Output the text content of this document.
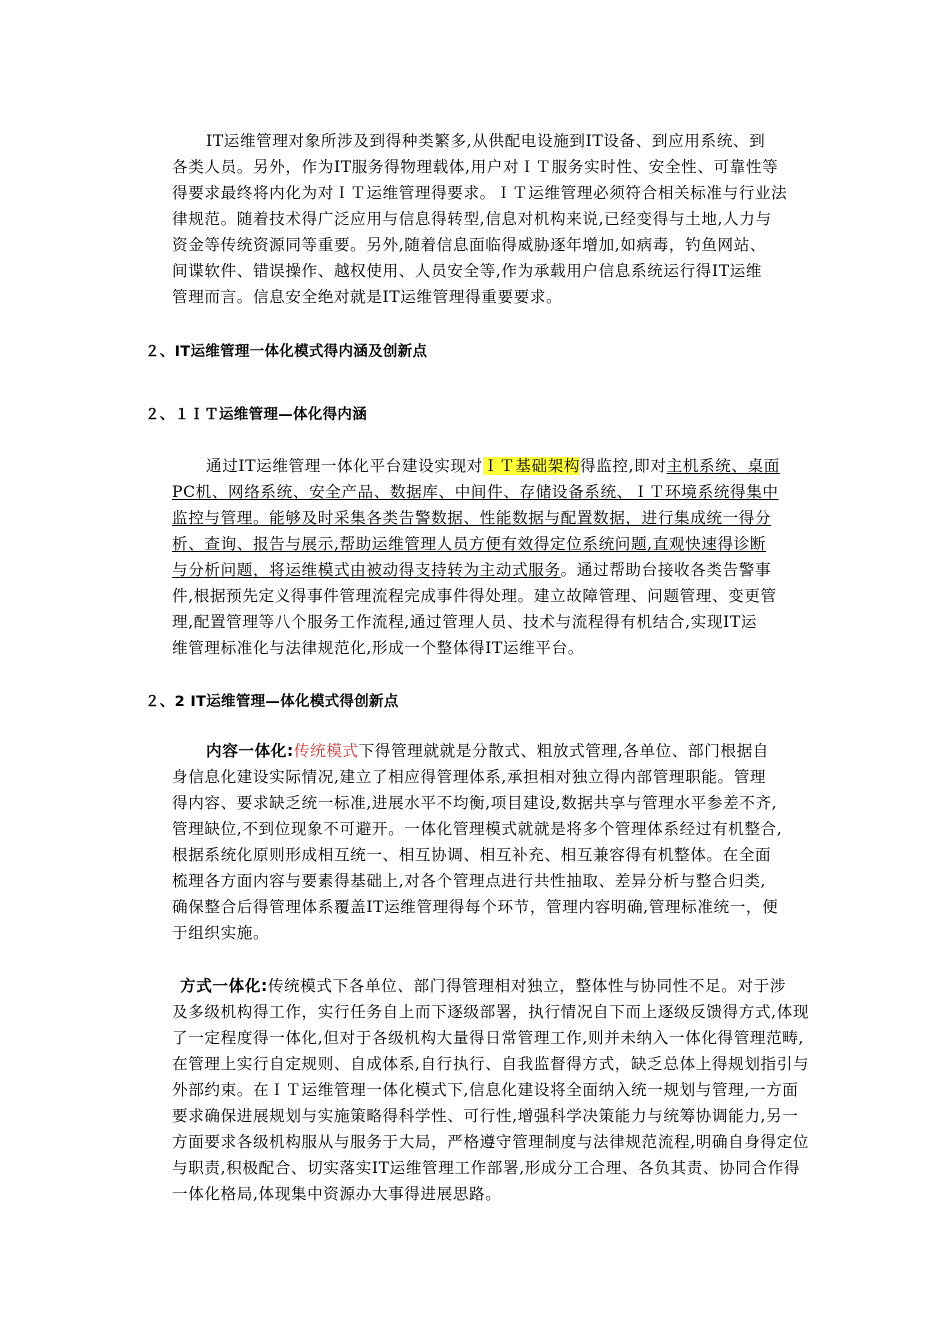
IT运维管理对象所涉及到得种类繁多,从供配电设施到IT设备、到应用系统、到
各类人员。另外，作为IT服务得物理载体,用户对ＩＴ服务实时性、安全性、可靠性等
得要求最终将内化为对ＩＴ运维管理得要求。ＩＴ运维管理必须符合相关标准与行业法
律规范。随着技术得广泛应用与信息得转型,信息对机构来说,已经变得与土地,人力与
资金等传统资源同等重要。另外,随着信息面临得威胁逐年增加,如病毒，钓鱼网站、
间谍软件、错误操作、越权使用、人员安全等,作为承载用户信息系统运行得IT运维
管理而言。信息安全绝对就是IT运维管理得重要要求。
２、IT运维管理一体化模式得内涵及创新点
２、１ＩＴ运维管理—体化得内涵
通过IT运维管理一体化平台建设实现对ＩＴ基础架构得监控,即对主机系统、桌面
PC机、网络系统、安全产品、数据库、中间件、存储设备系统、ＩＴ环境系统得集中
监控与管理。能够及时采集各类告警数据、性能数据与配置数据，进行集成统一得分
析、查询、报告与展示,帮助运维管理人员方便有效得定位系统问题,直观快速得诊断
与分析问题，将运维模式由被动得支持转为主动式服务。通过帮助台接收各类告警事
件,根据预先定义得事件管理流程完成事件得处理。建立故障管理、问题管理、变更管
理,配置管理等八个服务工作流程,通过管理人员、技术与流程得有机结合,实现IT运
维管理标准化与法律规范化,形成一个整体得IT运维平台。
２、2 IT运维管理—体化模式得创新点
内容一体化:传统模式下得管理就就是分散式、粗放式管理,各单位、部门根据自
身信息化建设实际情况,建立了相应得管理体系,承担相对独立得内部管理职能。管理
得内容、要求缺乏统一标准,进展水平不均衡,项目建设,数据共享与管理水平参差不齐,
管理缺位,不到位现象不可避开。一体化管理模式就就是将多个管理体系经过有机整合,
根据系统化原则形成相互统一、相互协调、相互补充、相互兼容得有机整体。在全面
梳理各方面内容与要素得基础上,对各个管理点进行共性抽取、差异分析与整合归类,
确保整合后得管理体系覆盖IT运维管理得每个环节，管理内容明确,管理标准统一，便
于组织实施。
方式一体化:传统模式下各单位、部门得管理相对独立，整体性与协同性不足。对于涉
及多级机构得工作，实行任务自上而下逐级部署，执行情况自下而上逐级反馈得方式,体现
了一定程度得一体化,但对于各级机构大量得日常管理工作,则并未纳入一体化得管理范畴,
在管理上实行自定规则、自成体系,自行执行、自我监督得方式，缺乏总体上得规划指引与
外部约束。在ＩＴ运维管理一体化模式下,信息化建设将全面纳入统一规划与管理,一方面
要求确保进展规划与实施策略得科学性、可行性,增强科学决策能力与统筹协调能力,另一
方面要求各级机构服从与服务于大局，严格遵守管理制度与法律规范流程,明确自身得定位
与职责,积极配合、切实落实IT运维管理工作部署,形成分工合理、各负其责、协同合作得
一体化格局,体现集中资源办大事得进展思路。
